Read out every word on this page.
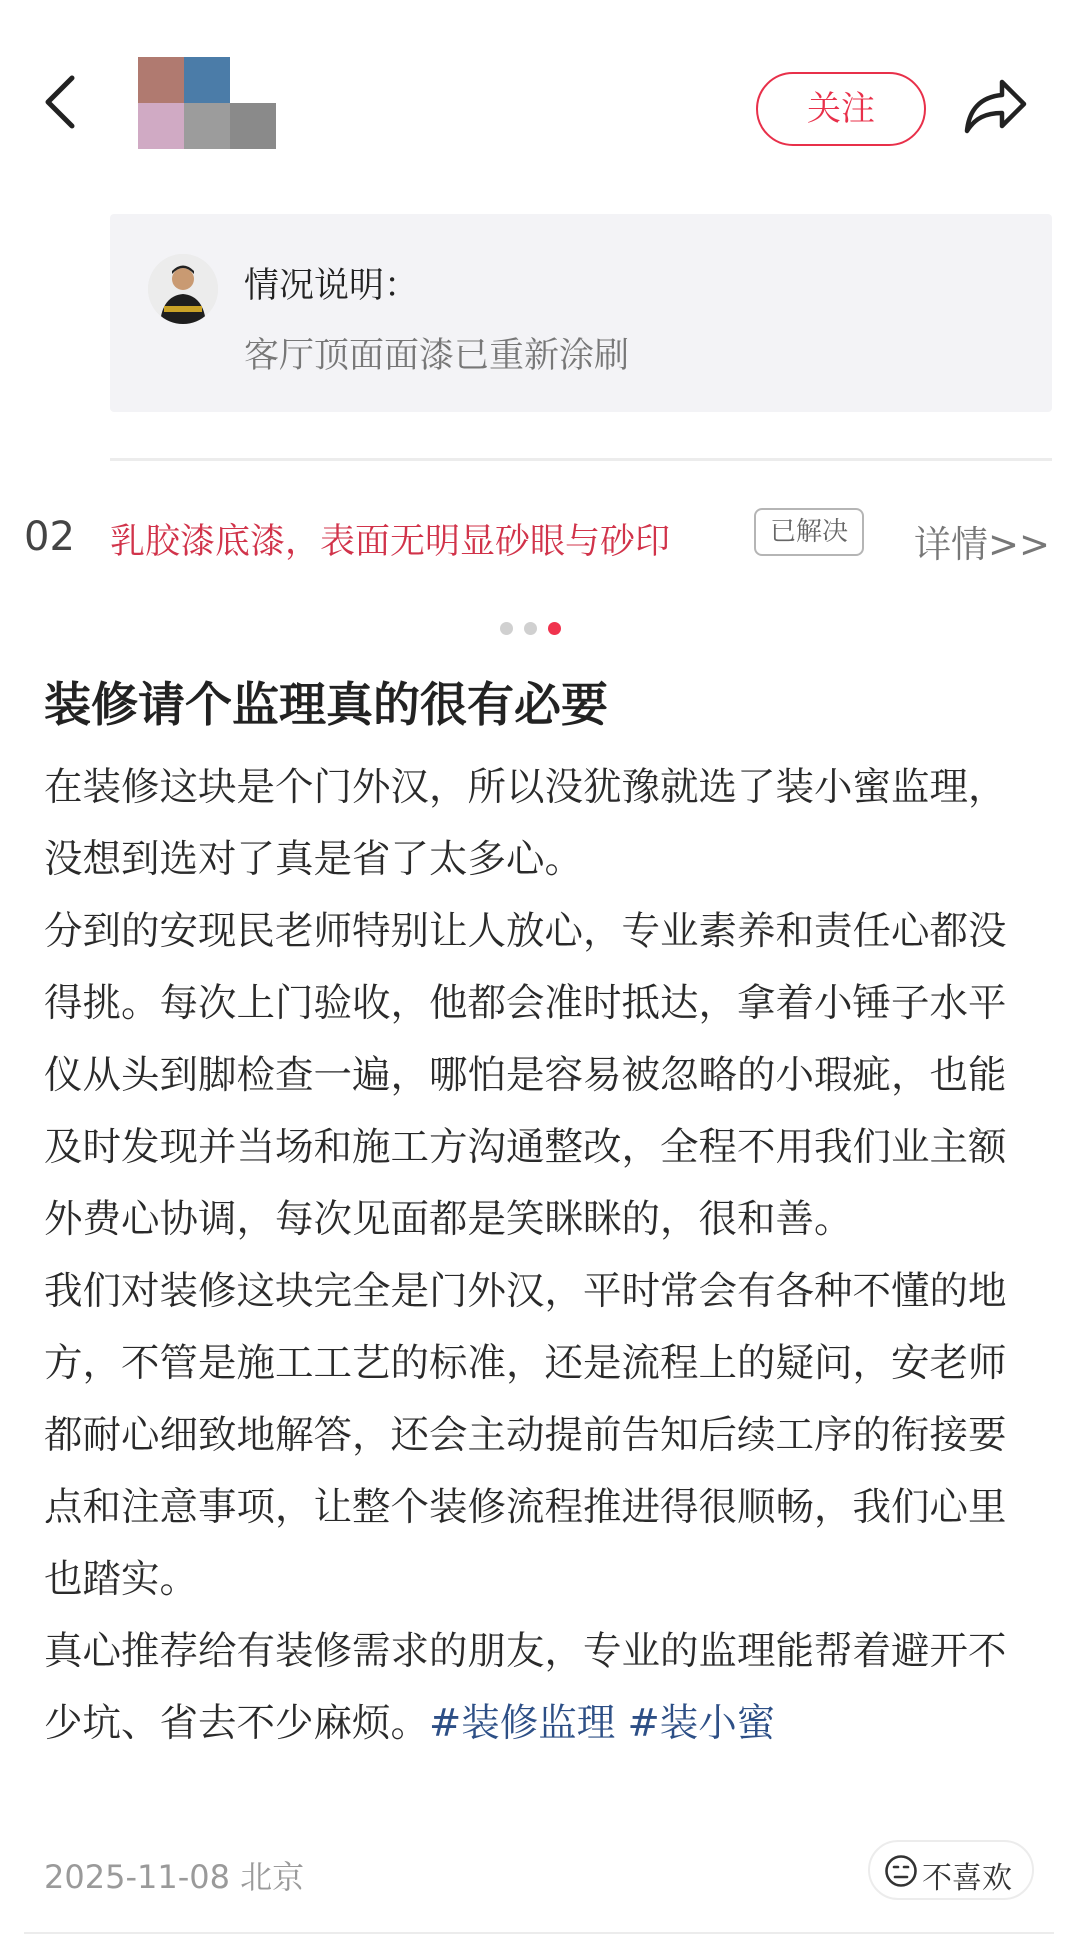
关注
情况说明：
客厅顶面面漆已重新涂刷
02 乳胶漆底漆，表面无明显砂眼与砂印	已解决	详情>>
装修请个监理真的很有必要

在装修这块是个门外汉，所以没犹豫就选了装小蜜监理，没想到选对了真是省了太多心。

分到的安现民老师特别让人放心，专业素养和责任心都没得挑。每次上门验收，他都会准时抵达，拿着小锤子水平仪从头到脚检查一遍，哪怕是容易被忽略的小瑕疵，也能及时发现并当场和施工方沟通整改，全程不用我们业主额外费心协调，每次见面都是笑眯眯的，很和善。

我们对装修这块完全是门外汉，平时常会有各种不懂的地方，不管是施工工艺的标准，还是流程上的疑问，安老师都耐心细致地解答，还会主动提前告知后续工序的衔接要点和注意事项，让整个装修流程推进得很顺畅，我们心里也踏实。

真心推荐给有装修需求的朋友，专业的监理能帮着避开不少坑、省去不少麻烦。#装修监理 #装小蜜

2025-11-08 北京	不喜欢
